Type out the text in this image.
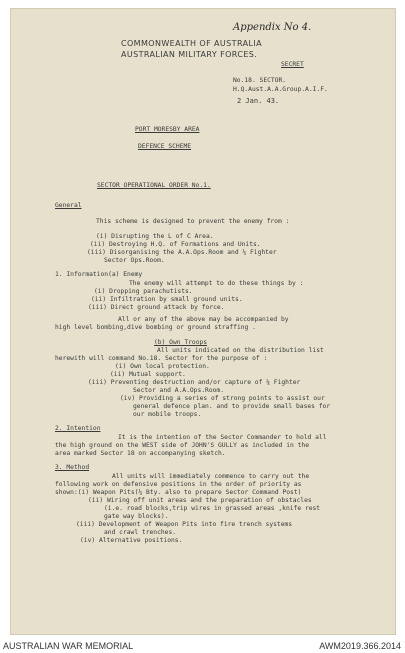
Appendix No 4.
COMMONWEALTH OF AUSTRALIA
AUSTRALIAN MILITARY FORCES.
SECRET
No.18. SECTOR.
H.Q.Aust.A.A.Group.A.I.F.
2 Jan. 43.
PORT MORESBY AREA
DEFENCE SCHEME
SECTOR OPERATIONAL ORDER No.1.
General
This scheme is designed to prevent the enemy from :
(i) Disrupting the L of C Area.
(ii) Destroying H.Q. of Formations and Units.
(iii) Disorganising the A.A.Ops.Room and ¼ Fighter
Sector Ops.Room.
1. Information(a) Enemy
The enemy will attempt to do these things by :
(i) Dropping parachutists.
(ii) Infiltration by small ground units.
(iii) Direct ground attack by force.
All or any of the above may be accompanied by
high level bombing,dive bombing or ground straffing .
(b) Own Troops
All units indicated on the distribution list
herewith will command No.18. Sector for the purpose of :
(i) Own local protection.
(ii) Mutual support.
(iii) Preventing destruction and/or capture of ¼ Fighter
Sector and A.A.Ops.Room.
(iv) Providing a series of strong points to assist our
general defence plan. and to provide small bases for
our mobile troops.
2. Intention
It is the intention of the Sector Commander to hold all
the high ground on the WEST side of JOHN'S GULLY as included in the
area marked Sector 18 on accompanying sketch.
3. Method
All units will immediately commence to carry out the
following work on defensive positions in the order of priority as
shown:(i) Weapon Pits(¼ Bty. also to prepare Sector Command Post)
(ii) Wiring off unit areas and the preparation of obstacles
(i.e. road blocks,trip wires in grassed areas ,knife rest
gate way blocks).
(iii) Development of Weapon Pits into fire trench systems
and crawl trenches.
(iv) Alternative positions.
AUSTRALIAN WAR MEMORIAL	AWM2019.366.2014
